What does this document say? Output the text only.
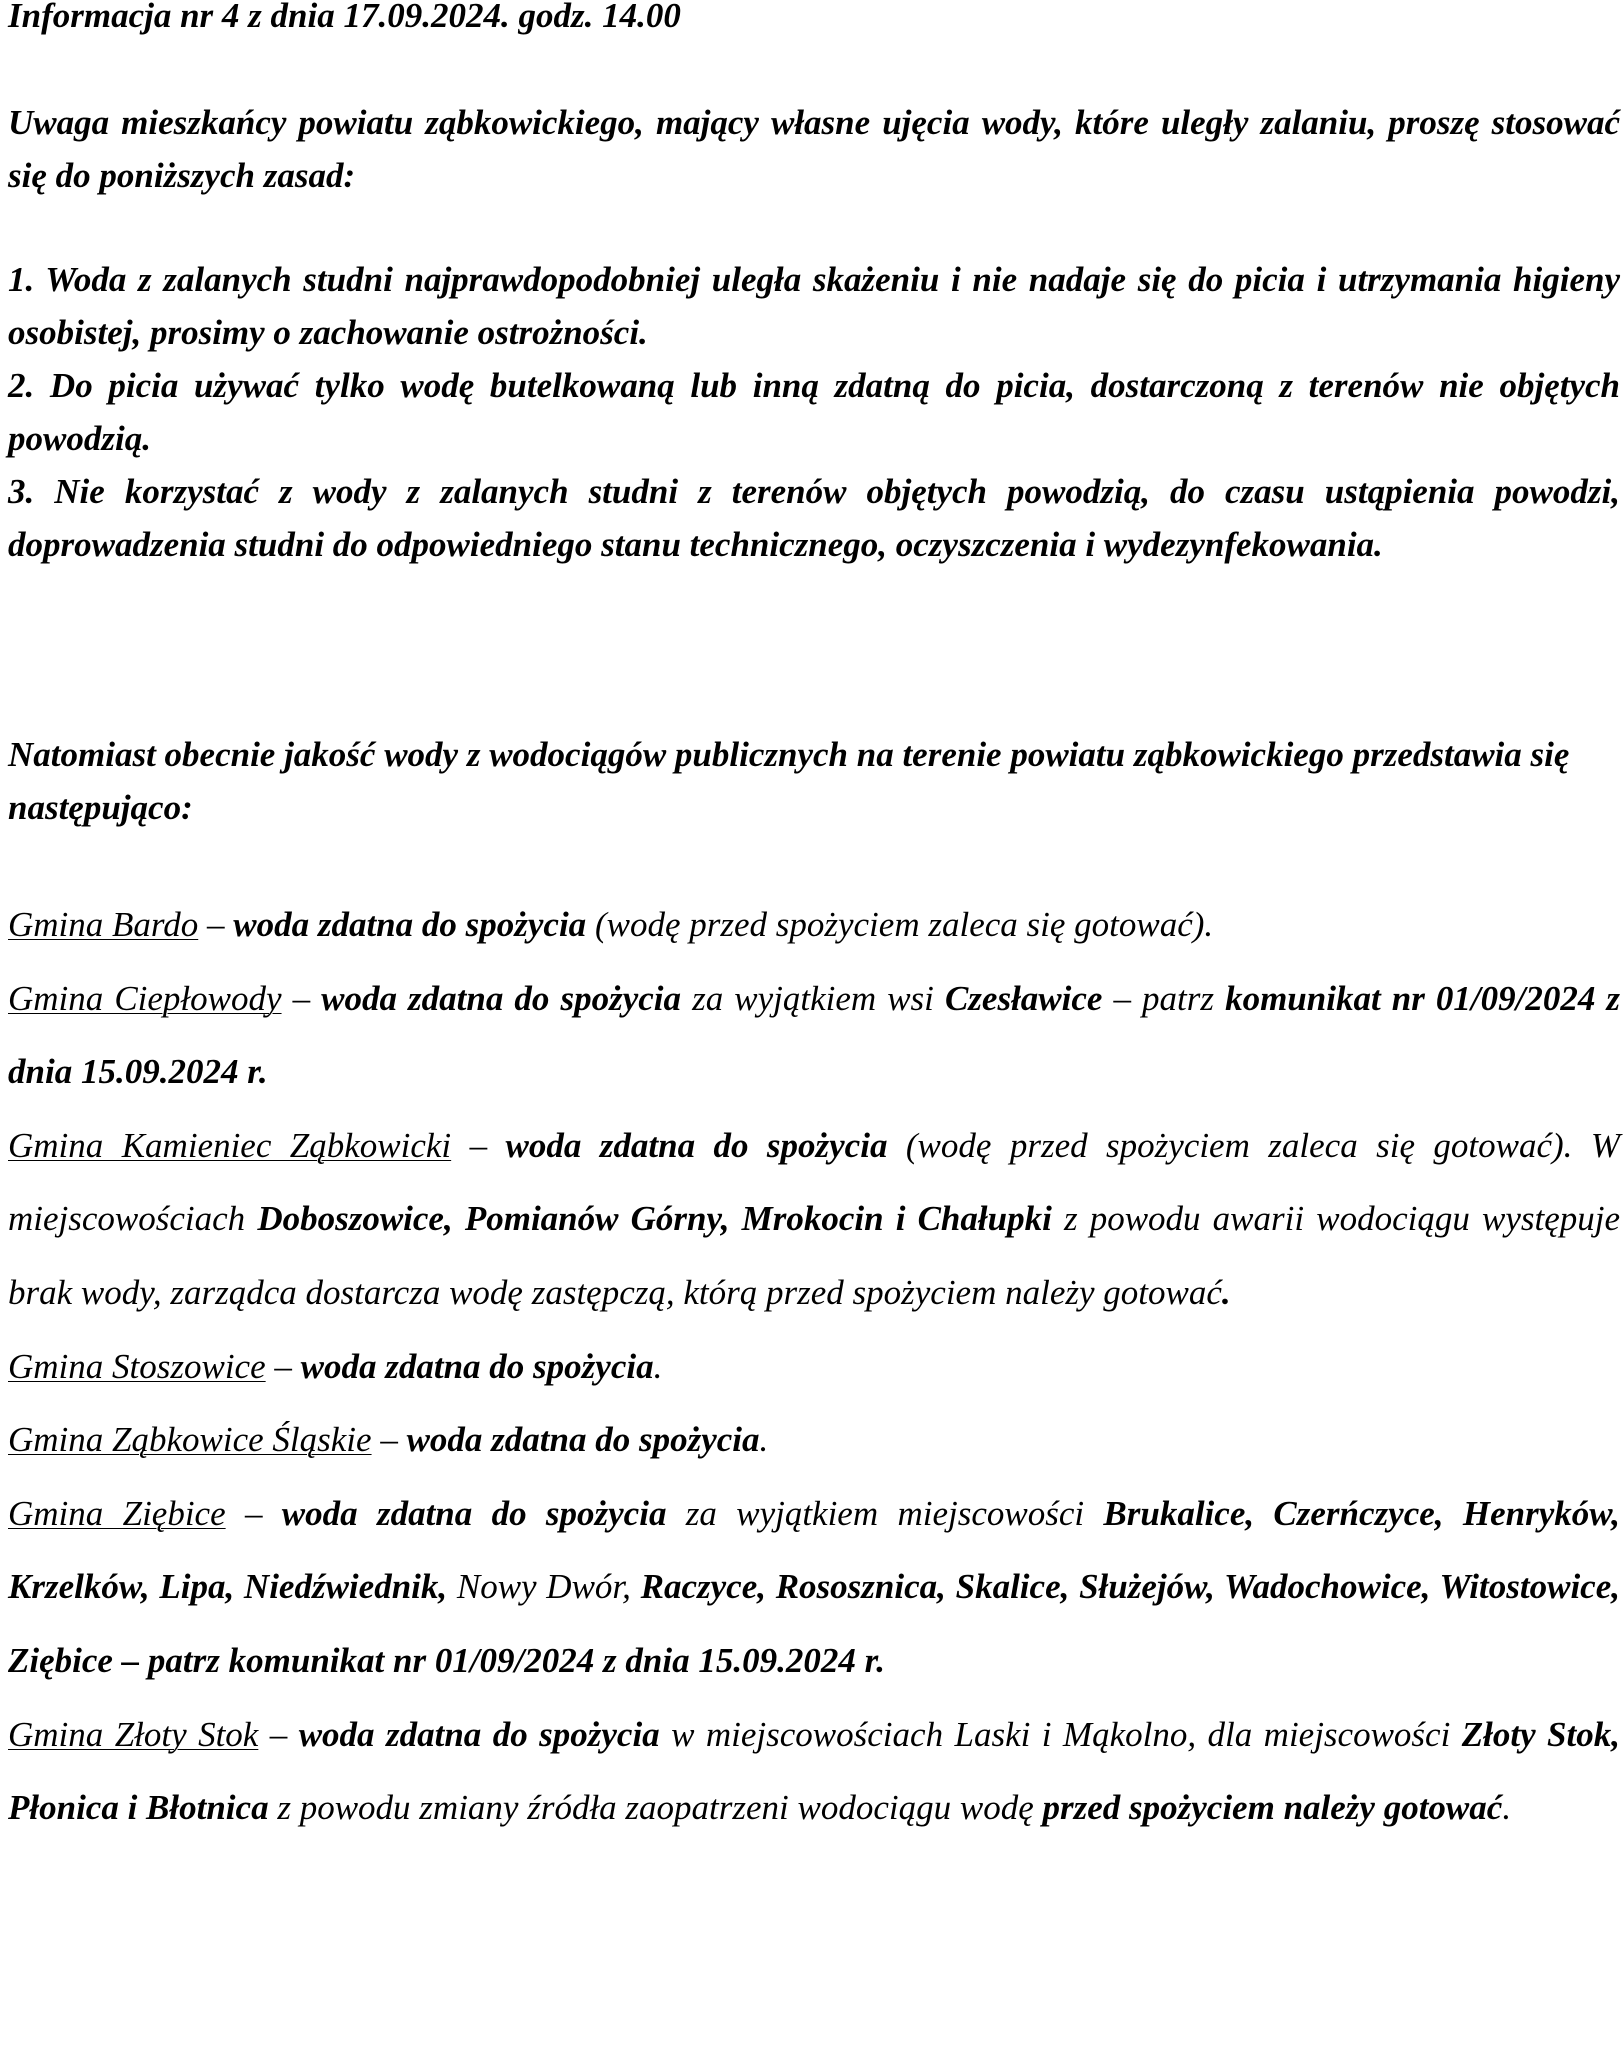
Informacja nr 4 z dnia 17.09.2024. godz. 14.00
Uwaga mieszkańcy powiatu ząbkowickiego, mający własne ujęcia wody, które uległy zalaniu, proszę stosować się do poniższych zasad:

1. Woda z zalanych studni najprawdopodobniej uległa skażeniu i nie nadaje się do picia i utrzymania higieny osobistej, prosimy o zachowanie ostrożności.

2. Do picia używać tylko wodę butelkowaną lub inną zdatną do picia, dostarczoną z terenów nie objętych powodzią.

3. Nie korzystać z wody z zalanych studni z terenów objętych powodzią, do czasu ustąpienia powodzi, doprowadzenia studni do odpowiedniego stanu technicznego, oczyszczenia i wydezynfekowania.

Natomiast obecnie jakość wody z wodociągów publicznych na terenie powiatu ząbkowickiego przedstawia się następująco:

Gmina Bardo – woda zdatna do spożycia (wodę przed spożyciem zaleca się gotować).

Gmina Ciepłowody – woda zdatna do spożycia za wyjątkiem wsi Czesławice – patrz komunikat nr 01/09/2024 z dnia 15.09.2024 r.

Gmina Kamieniec Ząbkowicki – woda zdatna do spożycia (wodę przed spożyciem zaleca się gotować). W miejscowościach Doboszowice, Pomianów Górny, Mrokocin i Chałupki z powodu awarii wodociągu występuje brak wody, zarządca dostarcza wodę zastępczą, którą przed spożyciem należy gotować.

Gmina Stoszowice – woda zdatna do spożycia.

Gmina Ząbkowice Śląskie – woda zdatna do spożycia.

Gmina Ziębice – woda zdatna do spożycia za wyjątkiem miejscowości Brukalice, Czerńczyce, Henryków, Krzelków, Lipa, Niedźwiednik, Nowy Dwór, Raczyce, Rososznica, Skalice, Służejów, Wadochowice, Witostowice, Ziębice – patrz komunikat nr 01/09/2024 z dnia 15.09.2024 r.

Gmina Złoty Stok – woda zdatna do spożycia w miejscowościach Laski i Mąkolno, dla miejscowości Złoty Stok, Płonica i Błotnica z powodu zmiany źródła zaopatrzeni wodociągu wodę przed spożyciem należy gotować.
